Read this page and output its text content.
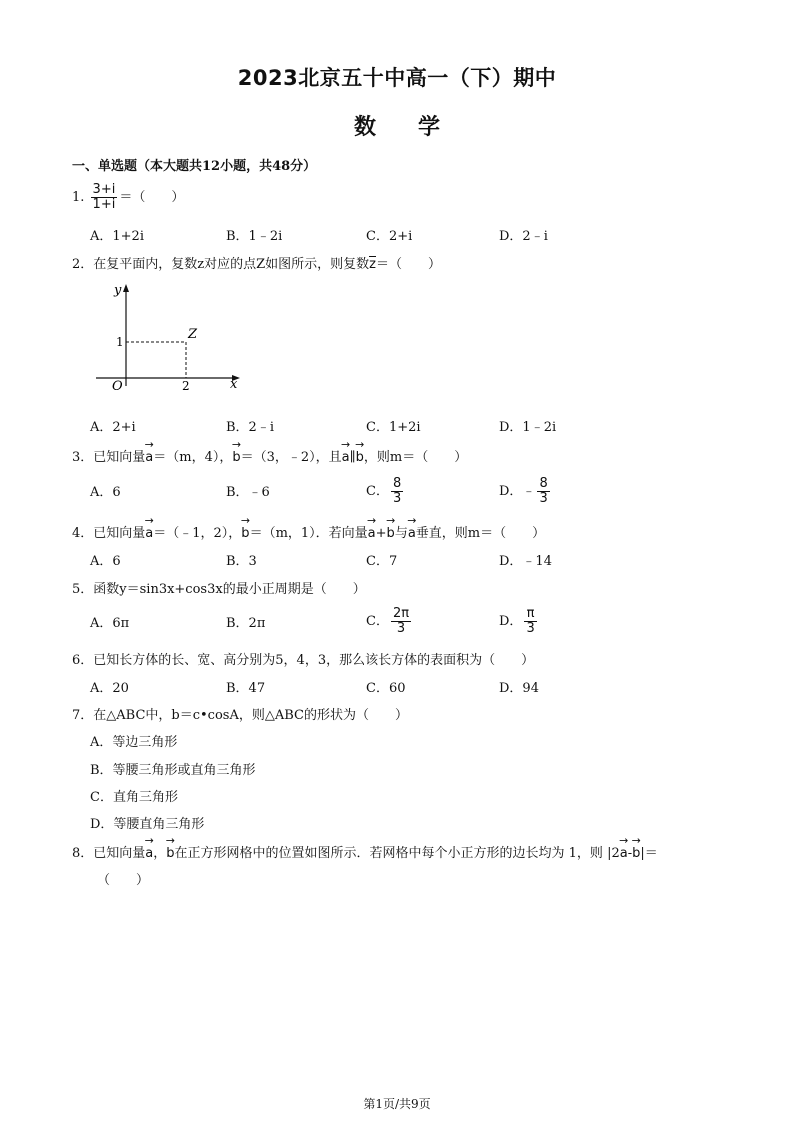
2023北京五十中高一（下）期中
数学
一、单选题（本大题共12小题，共48分）
1. $\frac{3+i}{1+i}$ ＝（　　）
A．1+2i	B．1﹣2i	C．2+i	D．2﹣i
2．在复平面内，复数z对应的点Z如图所示，则复数z＝（　　）
y
x
O
Z
1
2
A．2+i	B．2﹣i	C．1+2i	D．1﹣2i
3．已知向量→ a＝（m，4），→ b＝（3，﹣2），且→ a∥→ b，则m＝（　　）
A．6	B．﹣6	C． $\frac{8}{3}$	D．﹣ $\frac{8}{3}$
4．已知向量→ a＝（﹣1，2），→ b＝（m，1）．若向量→ a+→ b与→ a垂直，则m＝（　　）
A．6	B．3	C．7	D．﹣14
5．函数y＝sin3x+cos3x的最小正周期是（　　）
A．6π	B．2π	C． $\frac{2\pi}{3}$	D． $\frac{\pi}{3}$
6．已知长方体的长、宽、高分别为5，4，3，那么该长方体的表面积为（　　）
A．20	B．47	C．60	D．94
7．在△ABC中，b＝c•cosA，则△ABC的形状为（　　）
A．等边三角形
B．等腰三角形或直角三角形
C．直角三角形
D．等腰直角三角形
8．已知向量→ a，→ b在正方形网格中的位置如图所示．若网格中每个小正方形的边长均为 1，则 |2→ a-→ b|＝
（　　）
第1页/共9页
